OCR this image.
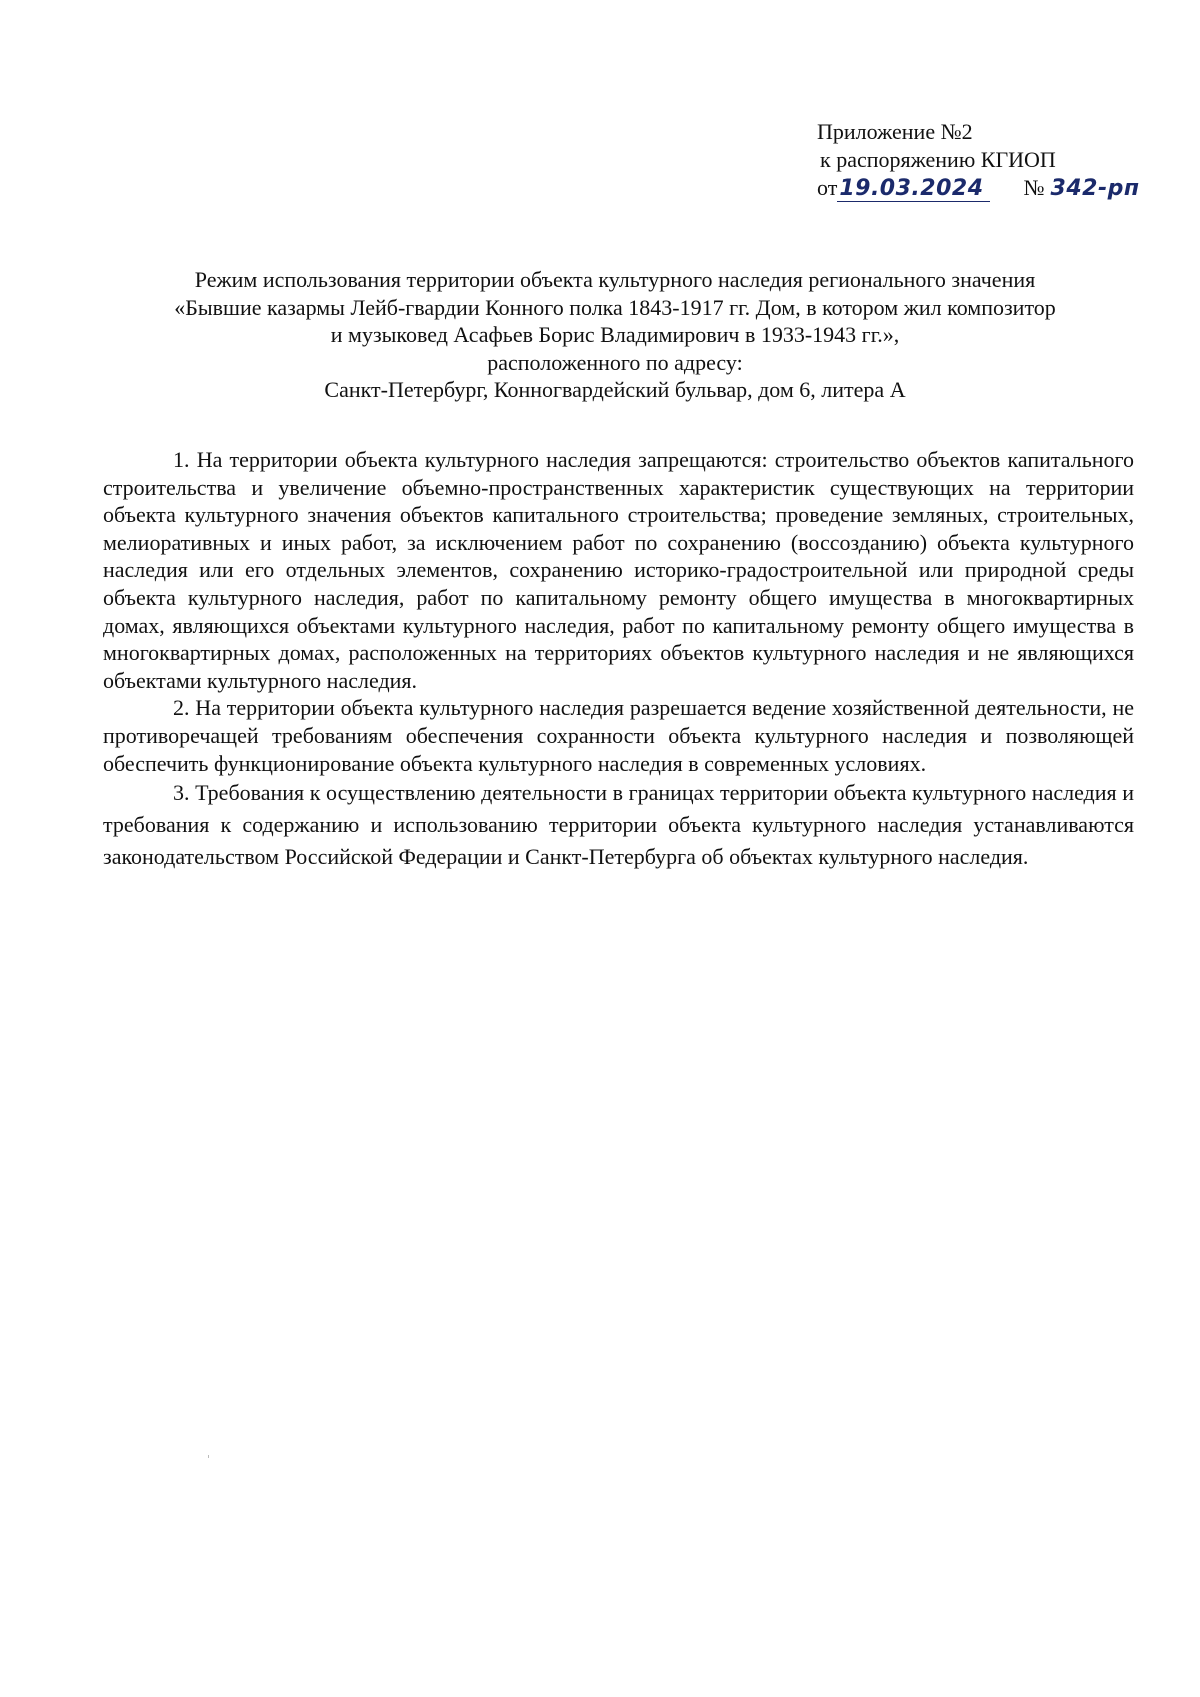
Приложение №2
к распоряжению КГИОП
от19.03.2024 № 342-рп
Режим использования территории объекта культурного наследия регионального значения
«Бывшие казармы Лейб-гвардии Конного полка 1843-1917 гг. Дом, в котором жил композитор
и музыковед Асафьев Борис Владимирович в 1933-1943 гг.»,
расположенного по адресу:
Санкт-Петербург, Конногвардейский бульвар, дом 6, литера А

1. На территории объекта культурного наследия запрещаются: строительство объектов капитального строительства и увеличение объемно-пространственных характеристик существующих на территории объекта культурного значения объектов капитального строительства; проведение земляных, строительных, мелиоративных и иных работ, за исключением работ по сохранению (воссозданию) объекта культурного наследия или его отдельных элементов, сохранению историко-градостроительной или природной среды объекта культурного наследия, работ по капитальному ремонту общего имущества в многоквартирных домах, являющихся объектами культурного наследия, работ по капитальному ремонту общего имущества в многоквартирных домах, расположенных на территориях объектов культурного наследия и не являющихся объектами культурного наследия.

2. На территории объекта культурного наследия разрешается ведение хозяйственной деятельности, не противоречащей требованиям обеспечения сохранности объекта культурного наследия и позволяющей обеспечить функционирование объекта культурного наследия в современных условиях.

3. Требования к осуществлению деятельности в границах территории объекта культурного наследия и требования к содержанию и использованию территории объекта культурного наследия устанавливаются законодательством Российской Федерации и Санкт-Петербурга об объектах культурного наследия.
